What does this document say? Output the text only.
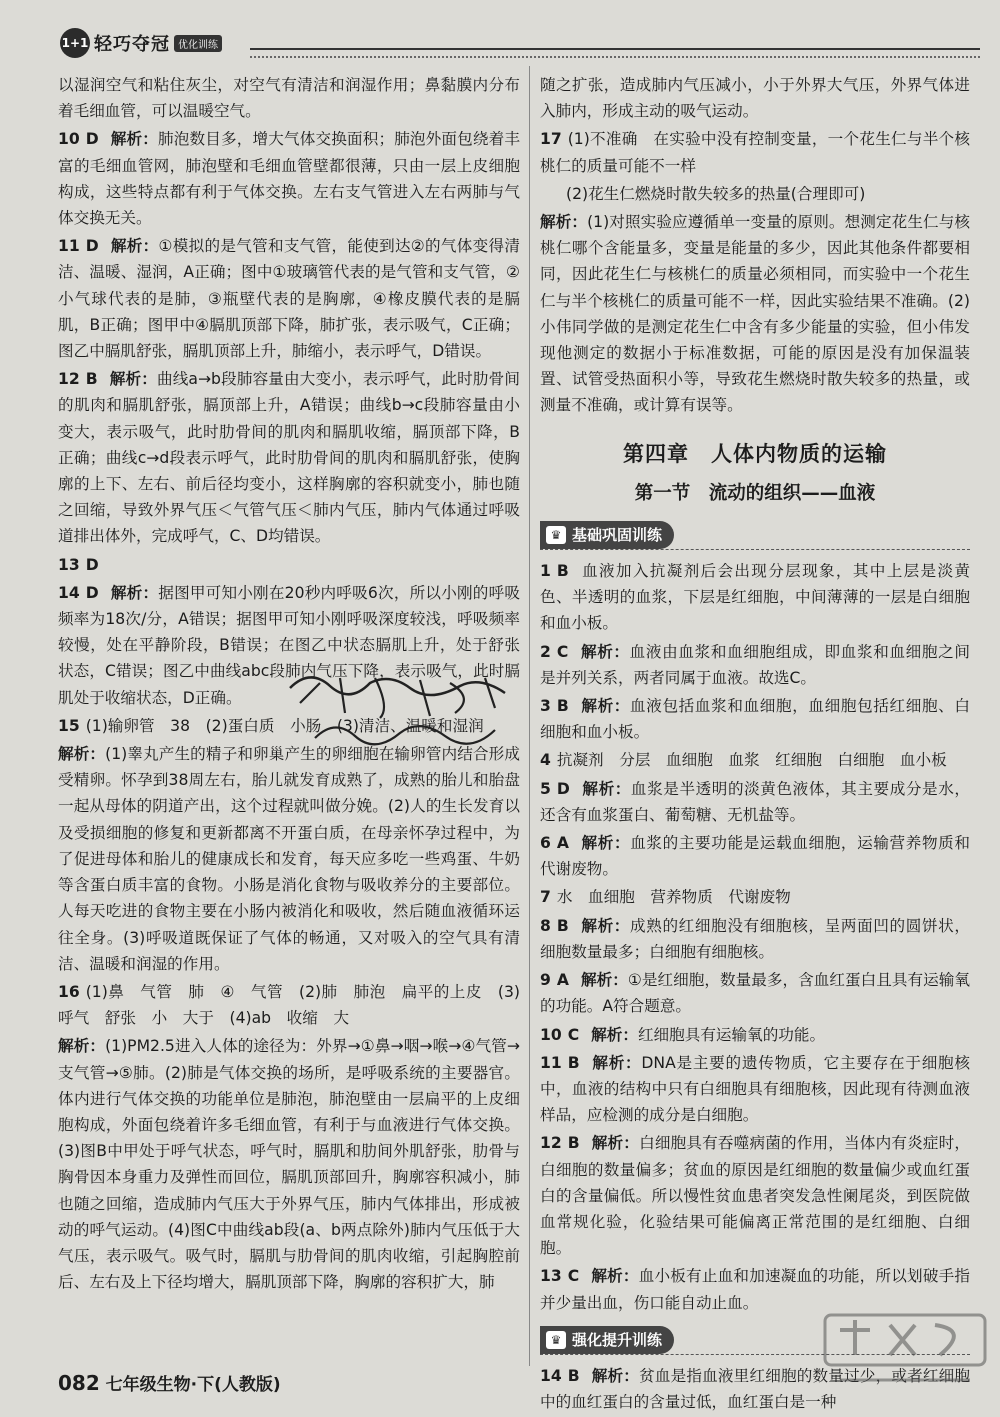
1+1 轻巧夺冠 优化训练
以湿润空气和粘住灰尘，对空气有清洁和润湿作用；鼻黏膜内分布着毛细血管，可以温暖空气。
10 D 解析：肺泡数目多，增大气体交换面积；肺泡外面包绕着丰富的毛细血管网，肺泡壁和毛细血管壁都很薄，只由一层上皮细胞构成，这些特点都有利于气体交换。左右支气管进入左右两肺与气体交换无关。
11 D 解析：①模拟的是气管和支气管，能使到达②的气体变得清洁、温暖、湿润，A正确；图中①玻璃管代表的是气管和支气管，②小气球代表的是肺，③瓶壁代表的是胸廓，④橡皮膜代表的是膈肌，B正确；图甲中④膈肌顶部下降，肺扩张，表示吸气，C正确；图乙中膈肌舒张，膈肌顶部上升，肺缩小，表示呼气，D错误。
12 B 解析：曲线a→b段肺容量由大变小，表示呼气，此时肋骨间的肌肉和膈肌舒张，膈顶部上升，A错误；曲线b→c段肺容量由小变大，表示吸气，此时肋骨间的肌肉和膈肌收缩，膈顶部下降，B正确；曲线c→d段表示呼气，此时肋骨间的肌肉和膈肌舒张，使胸廓的上下、左右、前后径均变小，这样胸廓的容积就变小，肺也随之回缩，导致外界气压＜气管气压＜肺内气压，肺内气体通过呼吸道排出体外，完成呼气，C、D均错误。
13 D
14 D 解析：据图甲可知小刚在20秒内呼吸6次，所以小刚的呼吸频率为18次/分，A错误；据图甲可知小刚呼吸深度较浅，呼吸频率较慢，处在平静阶段，B错误；在图乙中状态膈肌上升，处于舒张状态，C错误；图乙中曲线abc段肺内气压下降，表示吸气，此时膈肌处于收缩状态，D正确。
15 (1)输卵管　38　(2)蛋白质　小肠　(3)清洁、温暖和湿润
解析：(1)睾丸产生的精子和卵巢产生的卵细胞在输卵管内结合形成受精卵。怀孕到38周左右，胎儿就发育成熟了，成熟的胎儿和胎盘一起从母体的阴道产出，这个过程就叫做分娩。(2)人的生长发育以及受损细胞的修复和更新都离不开蛋白质，在母亲怀孕过程中，为了促进母体和胎儿的健康成长和发育，每天应多吃一些鸡蛋、牛奶等含蛋白质丰富的食物。小肠是消化食物与吸收养分的主要部位。人每天吃进的食物主要在小肠内被消化和吸收，然后随血液循环运往全身。(3)呼吸道既保证了气体的畅通，又对吸入的空气具有清洁、温暖和润湿的作用。
16 (1)鼻　气管　肺　④　气管　(2)肺　肺泡　扁平的上皮　(3)呼气　舒张　小　大于　(4)ab　收缩　大
解析：(1)PM2.5进入人体的途径为：外界→①鼻→咽→喉→④气管→支气管→⑤肺。(2)肺是气体交换的场所，是呼吸系统的主要器官。体内进行气体交换的功能单位是肺泡，肺泡壁由一层扁平的上皮细胞构成，外面包绕着许多毛细血管，有利于与血液进行气体交换。(3)图B中甲处于呼气状态，呼气时，膈肌和肋间外肌舒张，肋骨与胸骨因本身重力及弹性而回位，膈肌顶部回升，胸廓容积减小，肺也随之回缩，造成肺内气压大于外界气压，肺内气体排出，形成被动的呼气运动。(4)图C中曲线ab段(a、b两点除外)肺内气压低于大气压，表示吸气。吸气时，膈肌与肋骨间的肌肉收缩，引起胸腔前后、左右及上下径均增大，膈肌顶部下降，胸廓的容积扩大，肺
随之扩张，造成肺内气压减小，小于外界大气压，外界气体进入肺内，形成主动的吸气运动。
17 (1)不准确　在实验中没有控制变量，一个花生仁与半个核桃仁的质量可能不一样
(2)花生仁燃烧时散失较多的热量(合理即可)
解析：(1)对照实验应遵循单一变量的原则。想测定花生仁与核桃仁哪个含能量多，变量是能量的多少，因此其他条件都要相同，因此花生仁与核桃仁的质量必须相同，而实验中一个花生仁与半个核桃仁的质量可能不一样，因此实验结果不准确。(2)小伟同学做的是测定花生仁中含有多少能量的实验，但小伟发现他测定的数据小于标准数据，可能的原因是没有加保温装置、试管受热面积小等，导致花生燃烧时散失较多的热量，或测量不准确，或计算有误等。
第四章　人体内物质的运输
第一节　流动的组织——血液
♛ 基础巩固训练
1 B 血液加入抗凝剂后会出现分层现象，其中上层是淡黄色、半透明的血浆，下层是红细胞，中间薄薄的一层是白细胞和血小板。
2 C 解析：血液由血浆和血细胞组成，即血浆和血细胞之间是并列关系，两者同属于血液。故选C。
3 B 解析：血液包括血浆和血细胞，血细胞包括红细胞、白细胞和血小板。
4 抗凝剂　分层　血细胞　血浆　红细胞　白细胞　血小板
5 D 解析：血浆是半透明的淡黄色液体，其主要成分是水，还含有血浆蛋白、葡萄糖、无机盐等。
6 A 解析：血浆的主要功能是运载血细胞，运输营养物质和代谢废物。
7 水　血细胞　营养物质　代谢废物
8 B 解析：成熟的红细胞没有细胞核，呈两面凹的圆饼状，细胞数量最多；白细胞有细胞核。
9 A 解析：①是红细胞，数量最多，含血红蛋白且具有运输氧的功能。A符合题意。
10 C 解析：红细胞具有运输氧的功能。
11 B 解析：DNA是主要的遗传物质，它主要存在于细胞核中，血液的结构中只有白细胞具有细胞核，因此现有待测血液样品，应检测的成分是白细胞。
12 B 解析：白细胞具有吞噬病菌的作用，当体内有炎症时，白细胞的数量偏多；贫血的原因是红细胞的数量偏少或血红蛋白的含量偏低。所以慢性贫血患者突发急性阑尾炎，到医院做血常规化验，化验结果可能偏离正常范围的是红细胞、白细胞。
13 C 解析：血小板有止血和加速凝血的功能，所以划破手指并少量出血，伤口能自动止血。
♛ 强化提升训练
14 B 解析：贫血是指血液里红细胞的数量过少，或者红细胞中的血红蛋白的含量过低，血红蛋白是一种
082 七年级生物·下(人教版)
